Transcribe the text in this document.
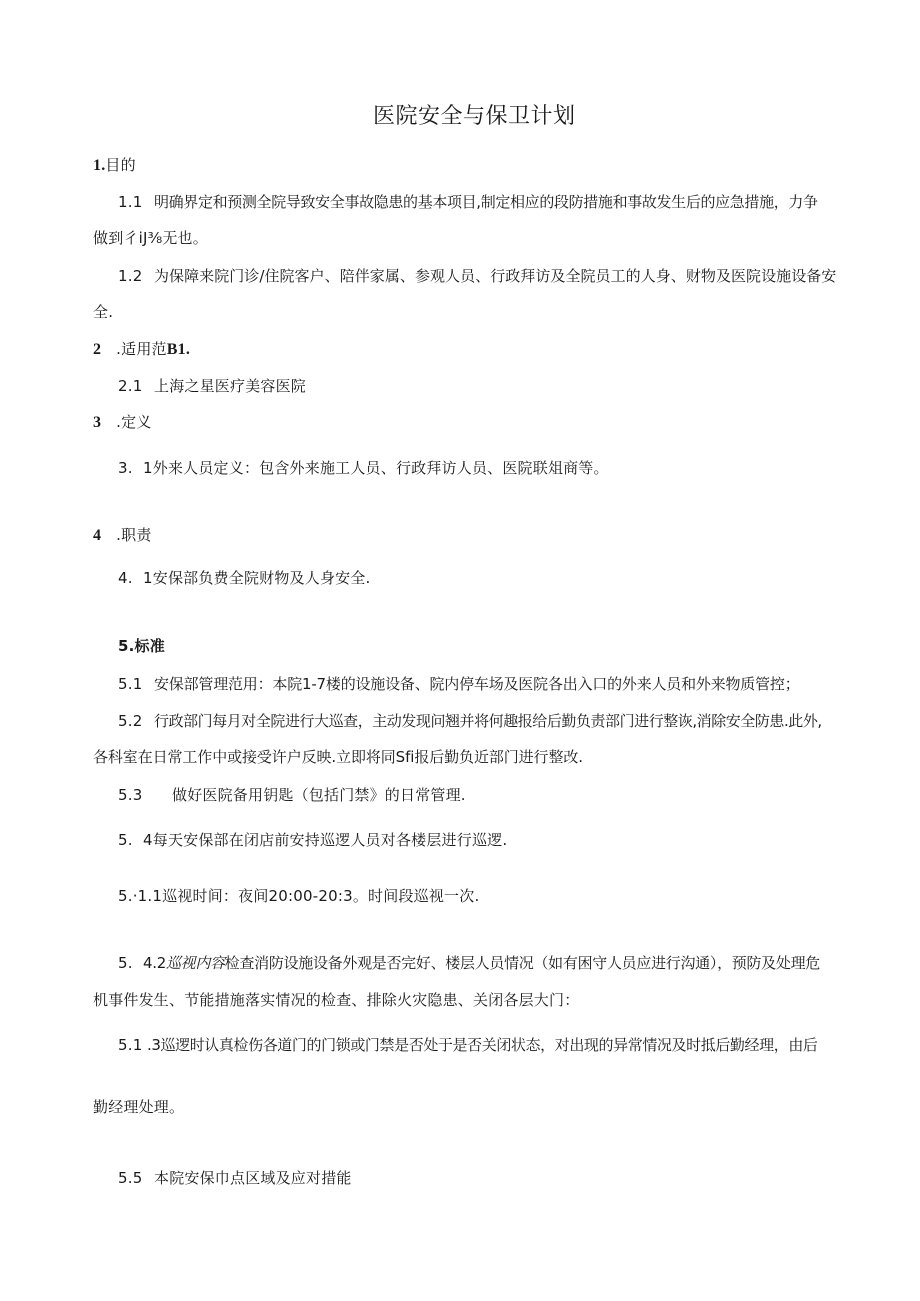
医院安全与保卫计划
1.目的
1.1 明确界定和预测全院导致安全事故隐患的基本项目,制定相应的段防措施和事故发生后的应急措施，力争
做到彳iJ⅜无也。
1.2 为保障来院门诊/住院客户、陪伴家属、参观人员、行政拜访及全院员工的人身、财物及医院设施设备安
全.
2 .适用范B1.
2.1 上海之星医疗美容医院
3 .定义
3. 1外来人员定义：包含外来施工人员、行政拜访人员、医院联俎商等。
4 .职责
4. 1安保部负费全院财物及人身安全.
5.标准
5.1 安保部管理范用：本院1-7楼的设施设备、院内停车场及医院各出入口的外来人员和外来物质管控；
5.2 行政部门每月对全院进行大巡查，主动发现问翘并将何趣报给后勤负责部门进行整诙,消除安全防患.此外,
各科室在日常工作中或接受许户反映.立即将同Sfi报后勤负近部门进行整改.
5.3 做好医院备用钥匙（包括门禁》的日常管理.
5. 4每天安保部在闭店前安持巡逻人员对各楼层进行巡逻.
5.·1.1巡视时间：夜间20:00-20:3。时间段巡视一次.
5. 4.2巡视内容检查消防设施设备外观是否完好、楼层人员情况（如有困守人员应进行沟通），预防及处理危
机事件发生、节能措施落实情况的检查、排除火灾隐患、关闭各层大门：
5.1 .3巡逻时认真检伤各道门的门锁或门禁是否处于是否关闭状态，对出现的异常情况及时抵后勤经理，由后
勤经理处理。
5.5 本院安保巾点区域及应对措能
